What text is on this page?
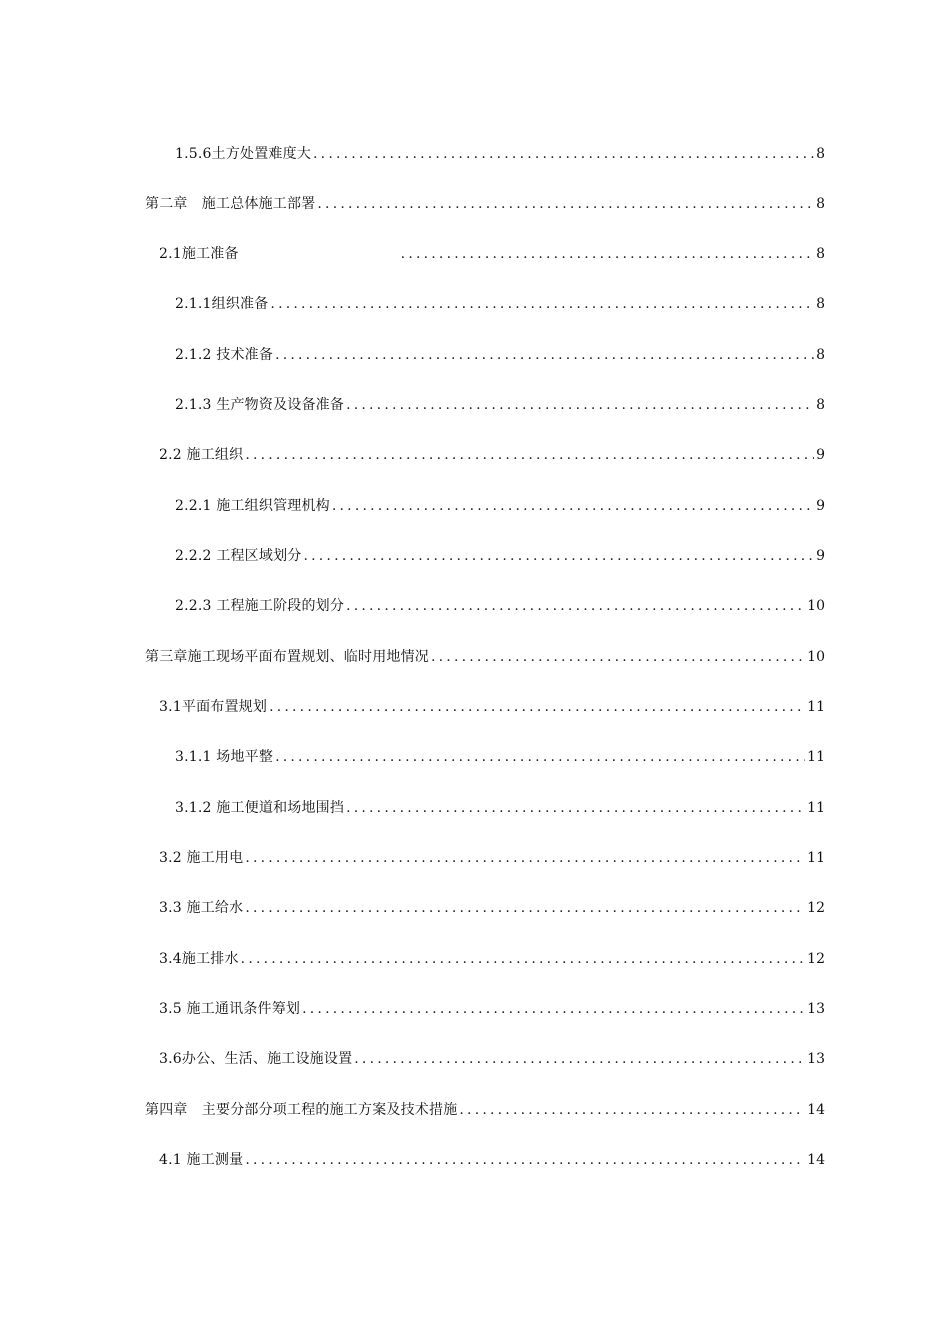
1.5.6土方处置难度大 .....	8
第二章　施工总体施工部署 .....	8
2.1施工准备 .....	8
2.1.1组织准备 .....	8
2.1.2 技术准备 .....	8
2.1.3 生产物资及设备准备 .....	8
2.2 施工组织 .....	9
2.2.1 施工组织管理机构 .....	9
2.2.2 工程区域划分 .....	9
2.2.3 工程施工阶段的划分 .....	10
第三章施工现场平面布置规划、临时用地情况 .....	10
3.1平面布置规划 .....	11
3.1.1 场地平整 .....	11
3.1.2 施工便道和场地围挡 .....	11
3.2 施工用电 .....	11
3.3 施工给水 .....	12
3.4施工排水 .....	12
3.5 施工通讯条件筹划 .....	13
3.6办公、生活、施工设施设置 .....	13
第四章　主要分部分项工程的施工方案及技术措施 .....	14
4.1 施工测量 .....	14
